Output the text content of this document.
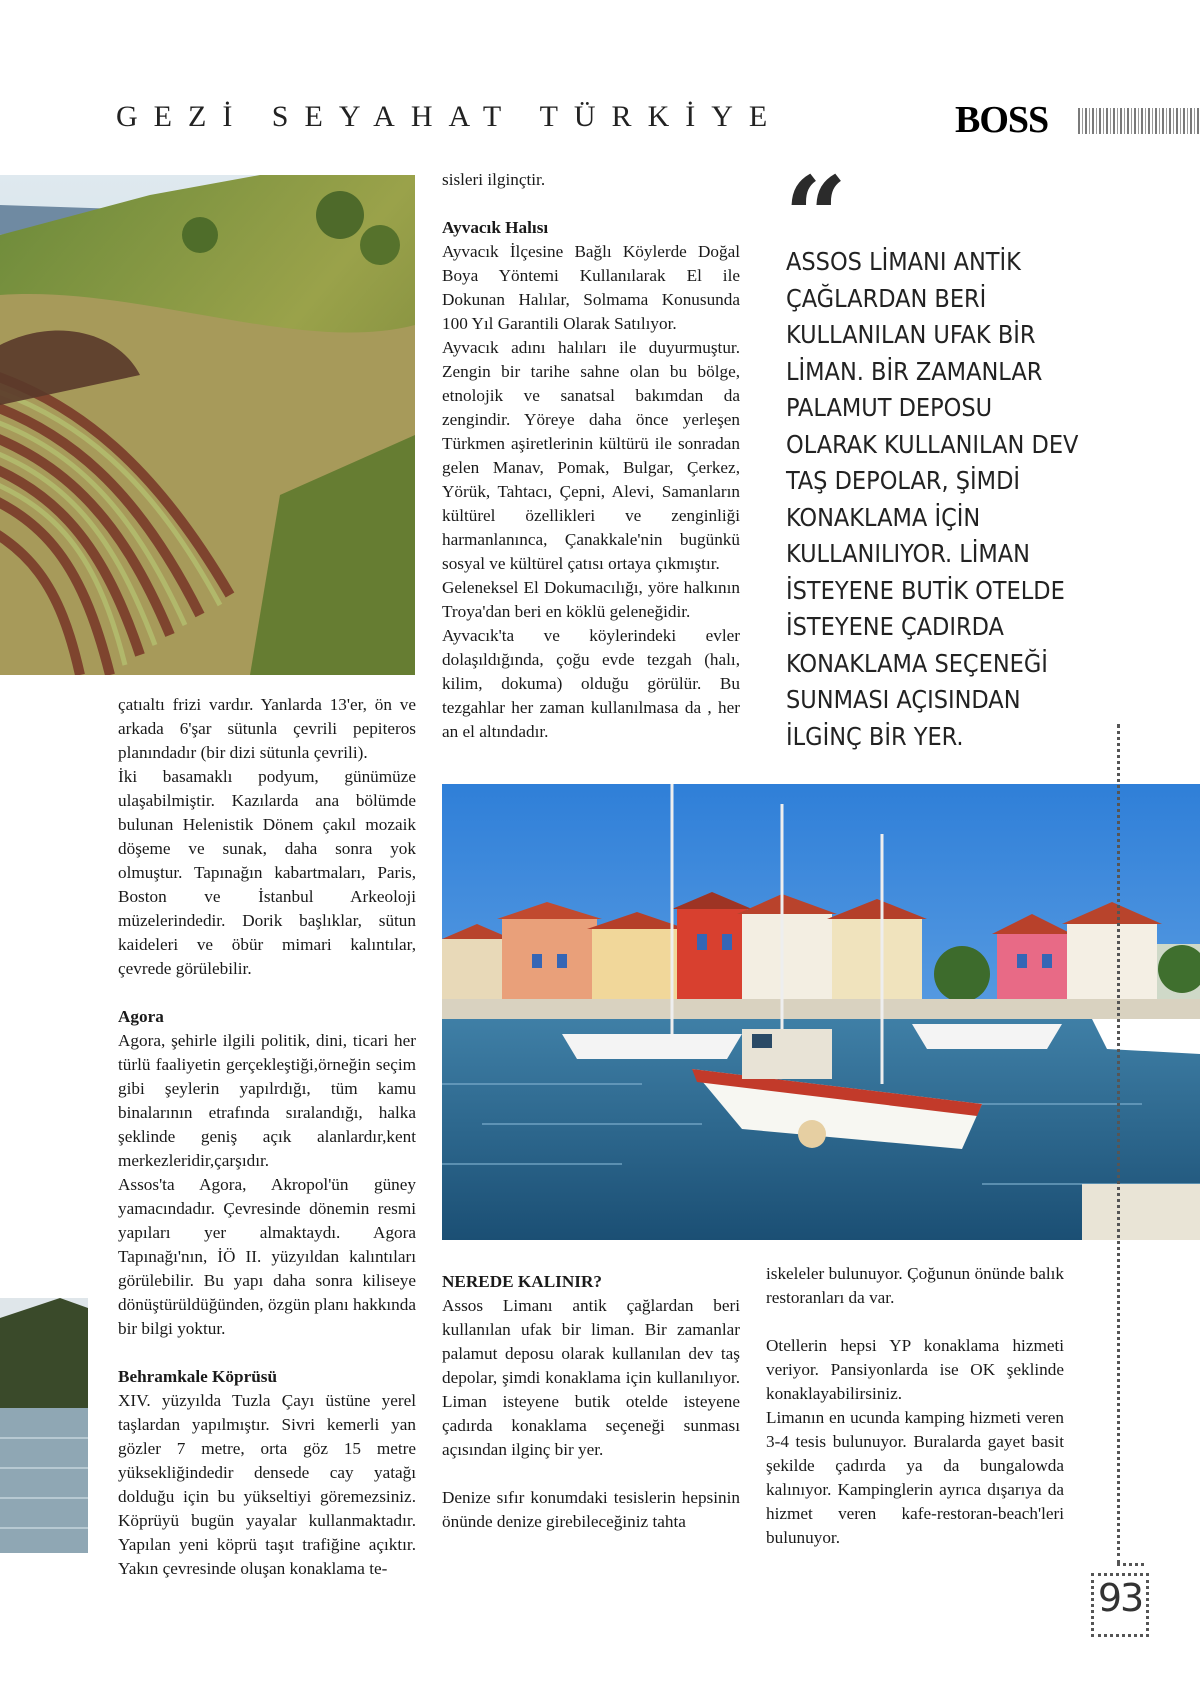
GEZİ SEYAHAT TÜRKİYE	BOSS

çatıaltı frizi vardır. Yanlarda 13'er, ön ve arkada 6'şar sütunla çevrili pepiteros planındadır (bir dizi sütunla çevrili).

İki basamaklı podyum, günümüze ulaşabilmiştir. Kazılarda ana bölümde bulunan Helenistik Dönem çakıl mozaik döşeme ve sunak, daha sonra yok olmuştur. Tapınağın kabartmaları, Paris, Boston ve İstanbul Arkeoloji müzelerindedir. Dorik başlıklar, sütun kaideleri ve öbür mimari kalıntılar, çevrede görülebilir.

Agora

Agora, şehirle ilgili politik, dini, ticari her türlü faaliyetin gerçekleştiği,örneğin seçim gibi şeylerin yapılrdığı, tüm kamu binalarının etrafında sıralandığı, halka şeklinde geniş açık alanlardır,kent merkezleridir,çarşıdır.

Assos'ta Agora, Akropol'ün güney yamacındadır. Çevresinde dönemin resmi yapıları yer almaktaydı. Agora Tapınağı'nın, İÖ II. yüzyıldan kalıntıları görülebilir. Bu yapı daha sonra kiliseye dönüştürüldüğünden, özgün planı hakkında bir bilgi yoktur.

Behramkale Köprüsü

XIV. yüzyılda Tuzla Çayı üstüne yerel taşlardan yapılmıştır. Sivri kemerli yan gözler 7 metre, orta göz 15 metre yüksekliğindedir densede cay yatağı dolduğu için bu yükseltiyi göremezsiniz. Köprüyü bugün yayalar kullanmaktadır. Yapılan yeni köprü taşıt trafiğine açıktır. Yakın çevresinde oluşan konaklama te-

sisleri ilginçtir.

Ayvacık Halısı

Ayvacık İlçesine Bağlı Köylerde Doğal Boya Yöntemi Kullanılarak El ile Dokunan Halılar, Solmama Konusunda 100 Yıl Garantili Olarak Satılıyor.

Ayvacık adını halıları ile duyurmuştur. Zengin bir tarihe sahne olan bu bölge, etnolojik ve sanatsal bakımdan da zengindir. Yöreye daha önce yerleşen Türkmen aşiretlerinin kültürü ile sonradan gelen Manav, Pomak, Bulgar, Çerkez, Yörük, Tahtacı, Çepni, Alevi, Samanların kültürel özellikleri ve zenginliği harmanlanınca, Çanakkale'nin bugünkü sosyal ve kültürel çatısı ortaya çıkmıştır.

Geleneksel El Dokumacılığı, yöre halkının Troya'dan beri en köklü geleneğidir.

Ayvacık'ta ve köylerindeki evler dolaşıldığında, çoğu evde tezgah (halı, kilim, dokuma) olduğu görülür. Bu tezgahlar her zaman kullanılmasa da , her an el altındadır.

“

ASSOS LİMANI ANTİK ÇAĞLARDAN BERİ KULLANILAN UFAK BİR LİMAN. BİR ZAMANLAR PALAMUT DEPOSU OLARAK KULLANILAN DEV TAŞ DEPOLAR, ŞİMDİ KONAKLAMA İÇİN KULLANILIYOR. LİMAN İSTEYENE BUTİK OTELDE İSTEYENE ÇADIRDA KONAKLAMA SEÇENEĞİ SUNMASI AÇISINDAN İLGİNÇ BİR YER.

NEREDE KALINIR?

Assos Limanı antik çağlardan beri kullanılan ufak bir liman. Bir zamanlar palamut deposu olarak kullanılan dev taş depolar, şimdi konaklama için kullanılıyor. Liman isteyene butik otelde isteyene çadırda konaklama seçeneği sunması açısından ilginç bir yer.

Denize sıfır konumdaki tesislerin hepsinin önünde denize girebileceğiniz tahta

iskeleler bulunuyor. Çoğunun önünde balık restoranları da var.

Otellerin hepsi YP konaklama hizmeti veriyor. Pansiyonlarda ise OK şeklinde konaklayabilirsiniz.

Limanın en ucunda kamping hizmeti veren 3-4 tesis bulunuyor. Buralarda gayet basit şekilde çadırda ya da bungalowda kalınıyor. Kampinglerin ayrıca dışarıya da hizmet veren kafe-restoran-beach'leri bulunuyor.

93
